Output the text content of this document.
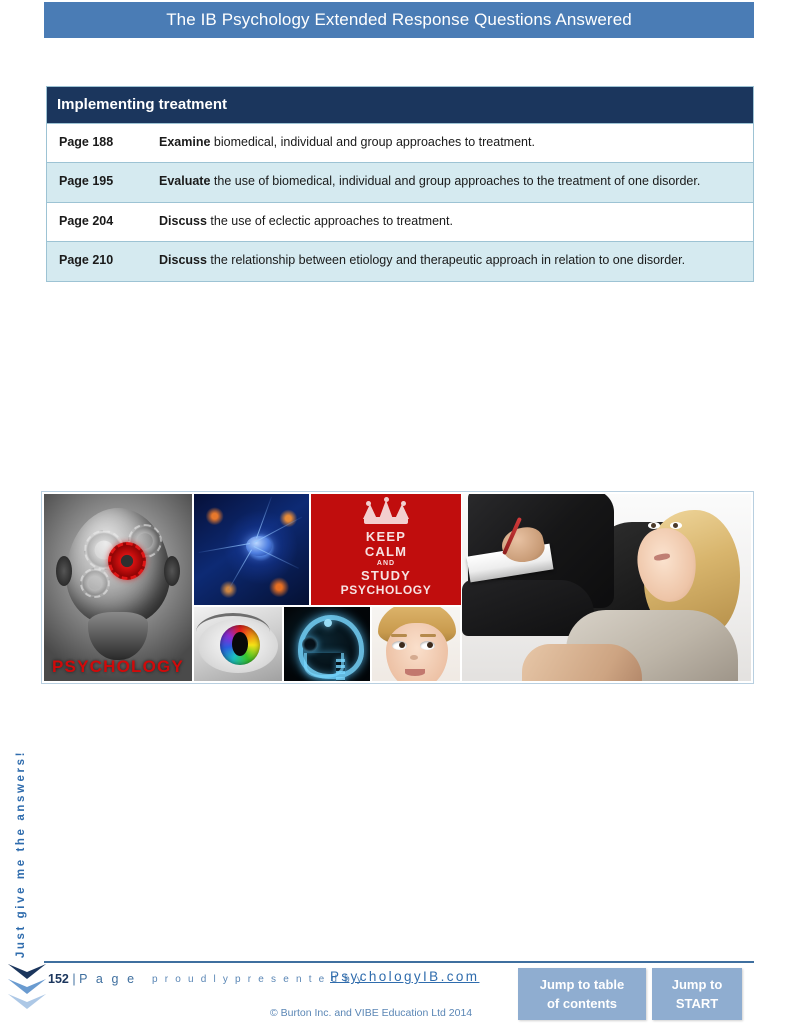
The IB Psychology Extended Response Questions Answered
Implementing treatment
Page 188	Examine biomedical, individual and group approaches to treatment.
Page 195	Evaluate the use of biomedical, individual and group approaches to the treatment of one disorder.
Page 204	Discuss the use of eclectic approaches to treatment.
Page 210	Discuss the relationship between etiology and therapeutic approach in relation to one disorder.
Just give me the answers!
PSYCHOLOGY
KEEP
CALM
AND
STUDY
PSYCHOLOGY
152 | P a g e p r o u d l y p r e s e n t e d b y
PsychologyIB.com
© Burton Inc. and VIBE Education Ltd 2014
Jump to table
of contents
Jump to
START
